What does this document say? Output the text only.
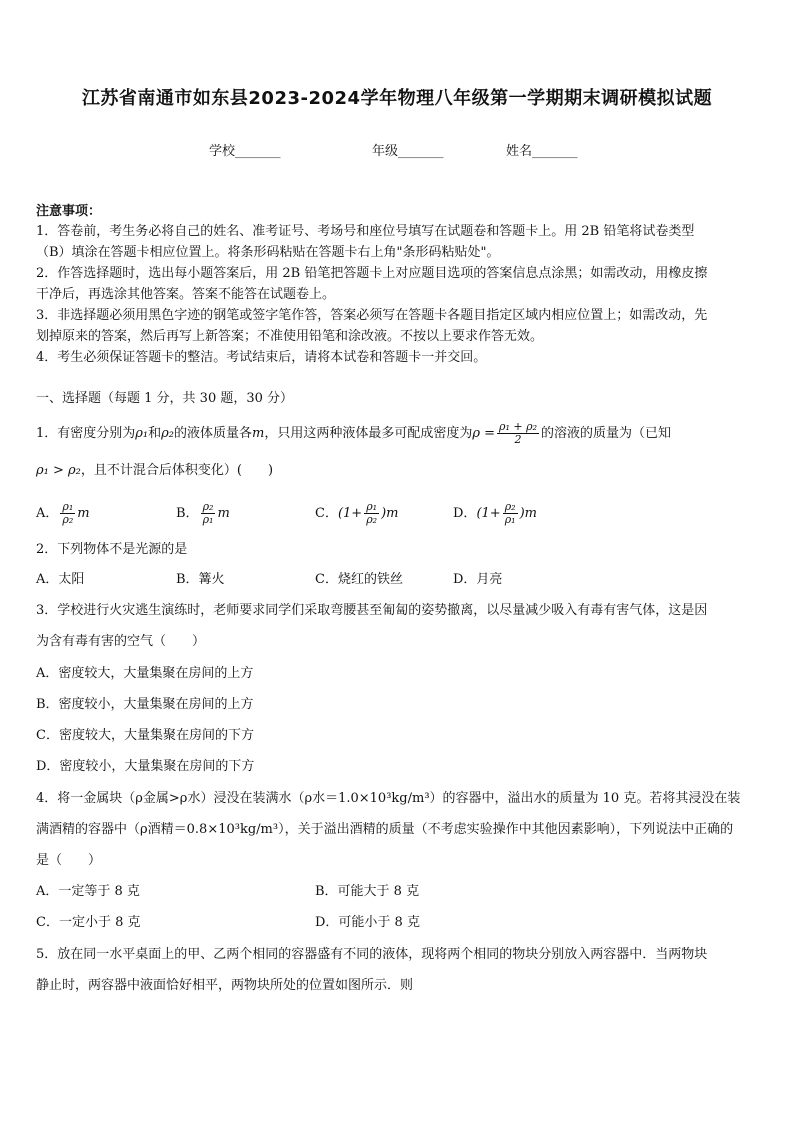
江苏省南通市如东县2023-2024学年物理八年级第一学期期末调研模拟试题
学校_______	年级_______	姓名_______
注意事项：
1．答卷前，考生务必将自己的姓名、准考证号、考场号和座位号填写在试题卷和答题卡上。用 2B 铅笔将试卷类型
（B）填涂在答题卡相应位置上。将条形码粘贴在答题卡右上角"条形码粘贴处"。
2．作答选择题时，选出每小题答案后，用 2B 铅笔把答题卡上对应题目选项的答案信息点涂黑；如需改动，用橡皮擦
干净后，再选涂其他答案。答案不能答在试题卷上。
3．非选择题必须用黑色字迹的钢笔或签字笔作答，答案必须写在答题卡各题目指定区域内相应位置上；如需改动，先
划掉原来的答案，然后再写上新答案；不准使用铅笔和涂改液。不按以上要求作答无效。
4．考生必须保证答题卡的整洁。考试结束后，请将本试卷和答题卡一并交回。
一、选择题（每题 1 分，共 30 题，30 分）
1．有密度分别为ρ₁和ρ₂的液体质量各m，只用这两种液体最多可配成密度为$\rho = \frac{\text{ρ₁ + ρ₂}}{2}$ 的溶液的质量为（已知
ρ₁ > ρ₂，且不计混合后体积变化）(　　)
A． $\frac{\text{ρ₁}}{\text{ρ₂}}$ m	B． $\frac{\text{ρ₂}}{\text{ρ₁}}$ m	C．$(1+ \frac{\text{ρ₁}}{\text{ρ₂}} )m$	D．$(1+ \frac{\text{ρ₂}}{\text{ρ₁}} )m$
2．下列物体不是光源的是
A．太阳	B．篝火	C．烧红的铁丝	D．月亮
3．学校进行火灾逃生演练时，老师要求同学们采取弯腰甚至匍匐的姿势撤离，以尽量减少吸入有毒有害气体，这是因
为含有毒有害的空气（　　）
A．密度较大，大量集聚在房间的上方
B．密度较小，大量集聚在房间的上方
C．密度较大，大量集聚在房间的下方
D．密度较小，大量集聚在房间的下方
4．将一金属块（ρ金属>ρ水）浸没在装满水（ρ水＝1.0×10³kg/m³）的容器中，溢出水的质量为 10 克。若将其浸没在装
满酒精的容器中（ρ酒精＝0.8×10³kg/m³），关于溢出酒精的质量（不考虑实验操作中其他因素影响），下列说法中正确的
是（　　）
A．一定等于 8 克	B．可能大于 8 克
C．一定小于 8 克	D．可能小于 8 克
5．放在同一水平桌面上的甲、乙两个相同的容器盛有不同的液体，现将两个相同的物块分别放入两容器中．当两物块
静止时，两容器中液面恰好相平，两物块所处的位置如图所示．则
